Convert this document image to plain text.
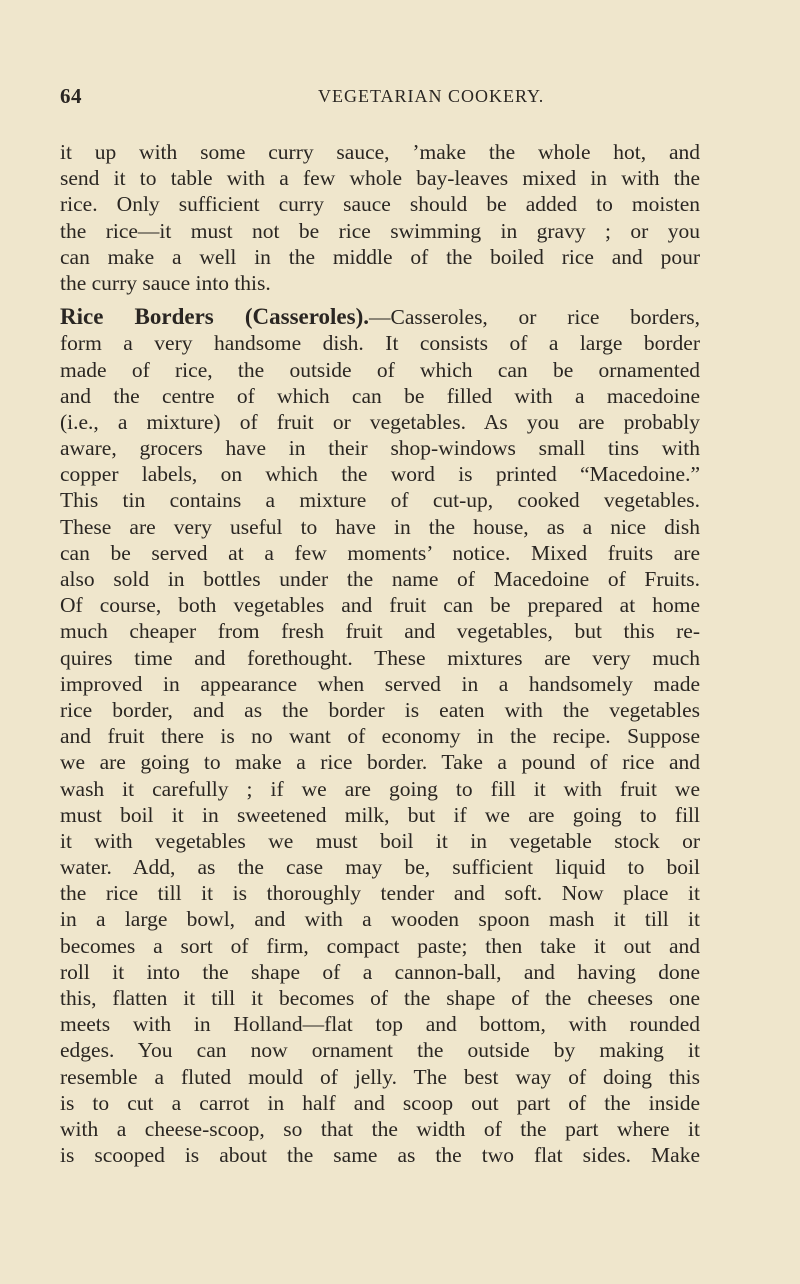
64	VEGETARIAN COOKERY.
it up with some curry sauce, ’make the whole hot, and
send it to table with a few whole bay-leaves mixed in with the
rice. Only sufficient curry sauce should be added to moisten
the rice—it must not be rice swimming in gravy ; or you
can make a well in the middle of the boiled rice and pour
the curry sauce into this.
Rice Borders (Casseroles).—Casseroles, or rice borders,
form a very handsome dish. It consists of a large border
made of rice, the outside of which can be ornamented
and the centre of which can be filled with a macedoine
(i.e., a mixture) of fruit or vegetables. As you are probably
aware, grocers have in their shop-windows small tins with
copper labels, on which the word is printed “Macedoine.”
This tin contains a mixture of cut-up, cooked vegetables.
These are very useful to have in the house, as a nice dish
can be served at a few moments’ notice. Mixed fruits are
also sold in bottles under the name of Macedoine of Fruits.
Of course, both vegetables and fruit can be prepared at home
much cheaper from fresh fruit and vegetables, but this re-
quires time and forethought. These mixtures are very much
improved in appearance when served in a handsomely made
rice border, and as the border is eaten with the vegetables
and fruit there is no want of economy in the recipe. Suppose
we are going to make a rice border. Take a pound of rice and
wash it carefully ; if we are going to fill it with fruit we
must boil it in sweetened milk, but if we are going to fill
it with vegetables we must boil it in vegetable stock or
water. Add, as the case may be, sufficient liquid to boil
the rice till it is thoroughly tender and soft. Now place it
in a large bowl, and with a wooden spoon mash it till it
becomes a sort of firm, compact paste; then take it out and
roll it into the shape of a cannon-ball, and having done
this, flatten it till it becomes of the shape of the cheeses one
meets with in Holland—flat top and bottom, with rounded
edges. You can now ornament the outside by making it
resemble a fluted mould of jelly. The best way of doing this
is to cut a carrot in half and scoop out part of the inside
with a cheese-scoop, so that the width of the part where it
is scooped is about the same as the two flat sides. Make
